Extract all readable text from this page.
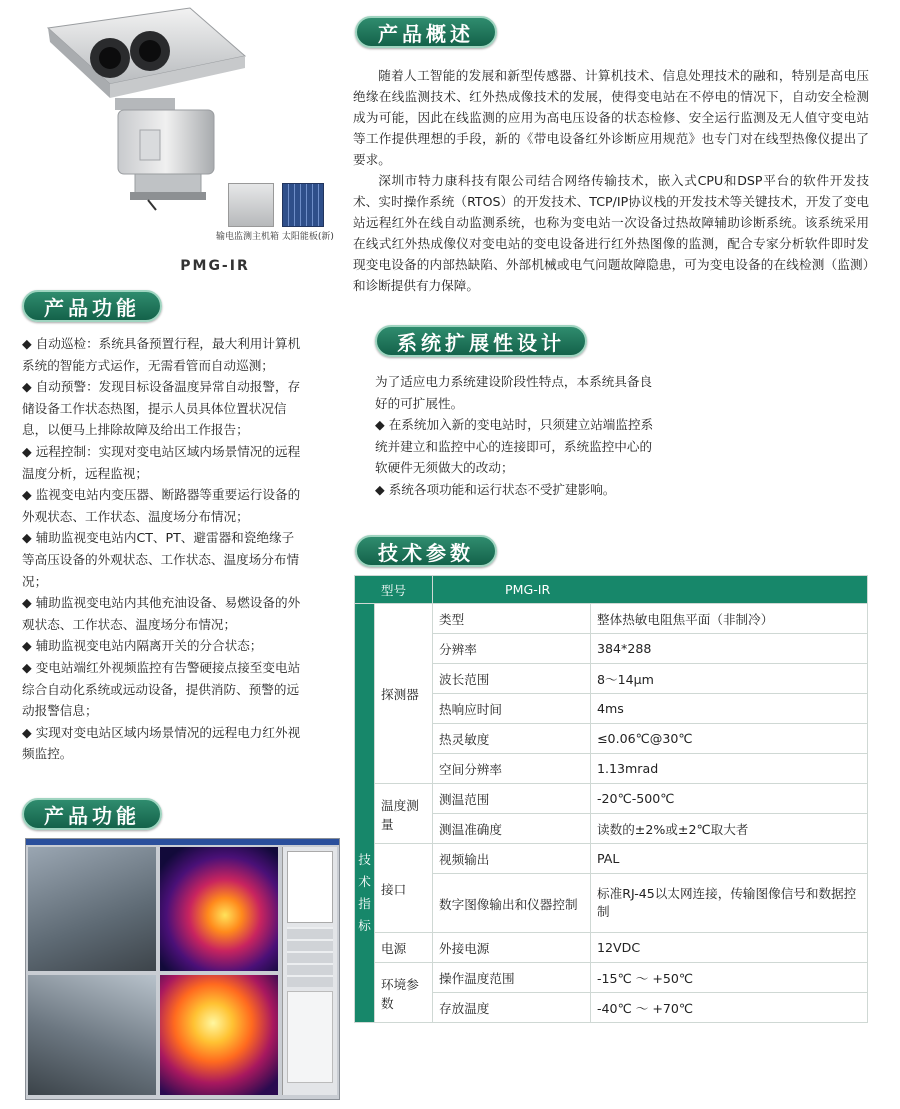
输电监测主机箱 太阳能板(新)
PMG-IR
产品概述
产品功能
系统扩展性设计
技术参数
产品功能

随着人工智能的发展和新型传感器、计算机技术、信息处理技术的融和，特别是高电压绝缘在线监测技术、红外热成像技术的发展，使得变电站在不停电的情况下，自动安全检测成为可能，因此在线监测的应用为高电压设备的状态检修、安全运行监测及无人值守变电站等工作提供理想的手段，新的《带电设备红外诊断应用规范》也专门对在线型热像仪提出了要求。

深圳市特力康科技有限公司结合网络传输技术，嵌入式CPU和DSP平台的软件开发技术、实时操作系统（RTOS）的开发技术、TCP/IP协议栈的开发技术等关键技术，开发了变电站远程红外在线自动监测系统，也称为变电站一次设备过热故障辅助诊断系统。该系统采用在线式红外热成像仪对变电站的变电设备进行红外热图像的监测，配合专家分析软件即时发现变电设备的内部热缺陷、外部机械或电气问题故障隐患，可为变电设备的在线检测（监测）和诊断提供有力保障。

◆ 自动巡检：系统具备预置行程，最大利用计算机系统的智能方式运作，无需看管而自动巡测；
◆ 自动预警：发现目标设备温度异常自动报警，存储设备工作状态热图，提示人员具体位置状况信息，以便马上排除故障及给出工作报告；
◆ 远程控制：实现对变电站区域内场景情况的远程温度分析，远程监视；
◆ 监视变电站内变压器、断路器等重要运行设备的外观状态、工作状态、温度场分布情况；
◆ 辅助监视变电站内CT、PT、避雷器和瓷绝缘子等高压设备的外观状态、工作状态、温度场分布情况；
◆ 辅助监视变电站内其他充油设备、易燃设备的外观状态、工作状态、温度场分布情况；
◆ 辅助监视变电站内隔离开关的分合状态；
◆ 变电站端红外视频监控有告警硬接点接至变电站综合自动化系统或远动设备，提供消防、预警的远动报警信息；
◆ 实现对变电站区域内场景情况的远程电力红外视频监控。
为了适应电力系统建设阶段性特点，本系统具备良好的可扩展性。
◆ 在系统加入新的变电站时，只须建立站端监控系统并建立和监控中心的连接即可，系统监控中心的软硬件无须做大的改动；
◆ 系统各项功能和运行状态不受扩建影响。
型号		PMG-IR	
技术指标	探测器	类型	整体热敏电阻焦平面（非制冷）
		分辨率	384*288
		波长范围	8～14μm
		热响应时间	4ms
		热灵敏度	≤0.06℃@30℃
		空间分辨率	1.13mrad
	温度测量	测温范围	-20℃-500℃
		测温准确度	读数的±2%或±2℃取大者
	接口	视频输出	PAL
		数字图像输出和仪器控制	标准RJ-45以太网连接，传输图像信号和数据控制
	电源	外接电源	12VDC
	环境参数	操作温度范围	-15℃ ～ +50℃
		存放温度	-40℃ ～ +70℃
